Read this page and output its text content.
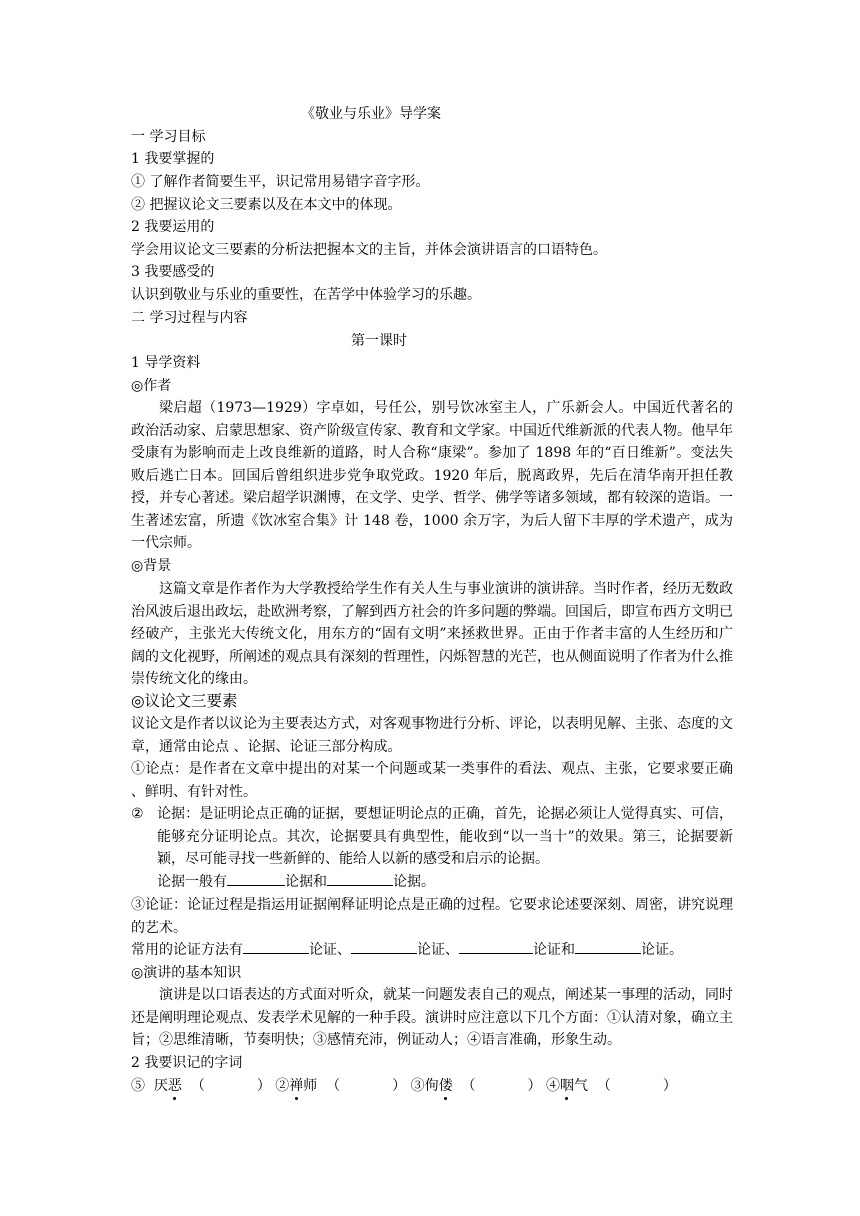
《敬业与乐业》导学案
一 学习目标
1 我要掌握的
① 了解作者简要生平，识记常用易错字音字形。
② 把握议论文三要素以及在本文中的体现。
2 我要运用的
学会用议论文三要素的分析法把握本文的主旨，并体会演讲语言的口语特色。
3 我要感受的
认识到敬业与乐业的重要性，在苦学中体验学习的乐趣。
二 学习过程与内容
第一课时
1 导学资料
◎作者
梁启超（1973—1929）字卓如，号任公，别号饮冰室主人，广乐新会人。中国近代著名的政治活动家、启蒙思想家、资产阶级宣传家、教育和文学家。中国近代维新派的代表人物。他早年受康有为影响而走上改良维新的道路，时人合称“康梁”。参加了 1898 年的“百日维新”。变法失败后逃亡日本。回国后曾组织进步党争取党政。1920 年后，脱离政界，先后在清华南开担任教授，并专心著述。梁启超学识渊博，在文学、史学、哲学、佛学等诸多领域，都有较深的造诣。一生著述宏富，所遗《饮冰室合集》计 148 卷，1000 余万字，为后人留下丰厚的学术遗产，成为一代宗师。
◎背景
这篇文章是作者作为大学教授给学生作有关人生与事业演讲的演讲辞。当时作者，经历无数政治风波后退出政坛，赴欧洲考察，了解到西方社会的许多问题的弊端。回国后，即宣布西方文明已经破产，主张光大传统文化，用东方的“固有文明”来拯救世界。正由于作者丰富的人生经历和广阔的文化视野，所阐述的观点具有深刻的哲理性，闪烁智慧的光芒，也从侧面说明了作者为什么推崇传统文化的缘由。
◎议论文三要素
议论文是作者以议论为主要表达方式，对客观事物进行分析、评论，以表明见解、主张、态度的文章，通常由论点 、论据、论证三部分构成。
①论点：是作者在文章中提出的对某一个问题或某一类事件的看法、观点、主张，它要求要正确 、鲜明、有针对性。
② 论据：是证明论点正确的证据，要想证明论点的正确，首先，论据必须让人觉得真实、可信， 能够充分证明论点。其次，论据要具有典型性，能收到“以一当十”的效果。第三，论据要新颖，尽可能寻找一些新鲜的、能给人以新的感受和启示的论据。
论据一般有	论据和	论据。
③论证：论证过程是指运用证据阐释证明论点是正确的过程。它要求论述要深刻、周密，讲究说理的艺术。
常用的论证方法有	论证、	论证、	论证和	论证。
◎演讲的基本知识
演讲是以口语表达的方式面对听众，就某一问题发表自己的观点，阐述某一事理的活动，同时还是阐明理论观点、发表学术见解的一种手段。演讲时应注意以下几个方面：①认清对象，确立主旨；②思维清晰，节奏明快；③感情充沛，例证动人；④语言准确，形象生动。
2 我要识记的字词
⑤ 厌恶 （	） ②禅师 （	） ③佝偻 （	） ④咽气 （	）
